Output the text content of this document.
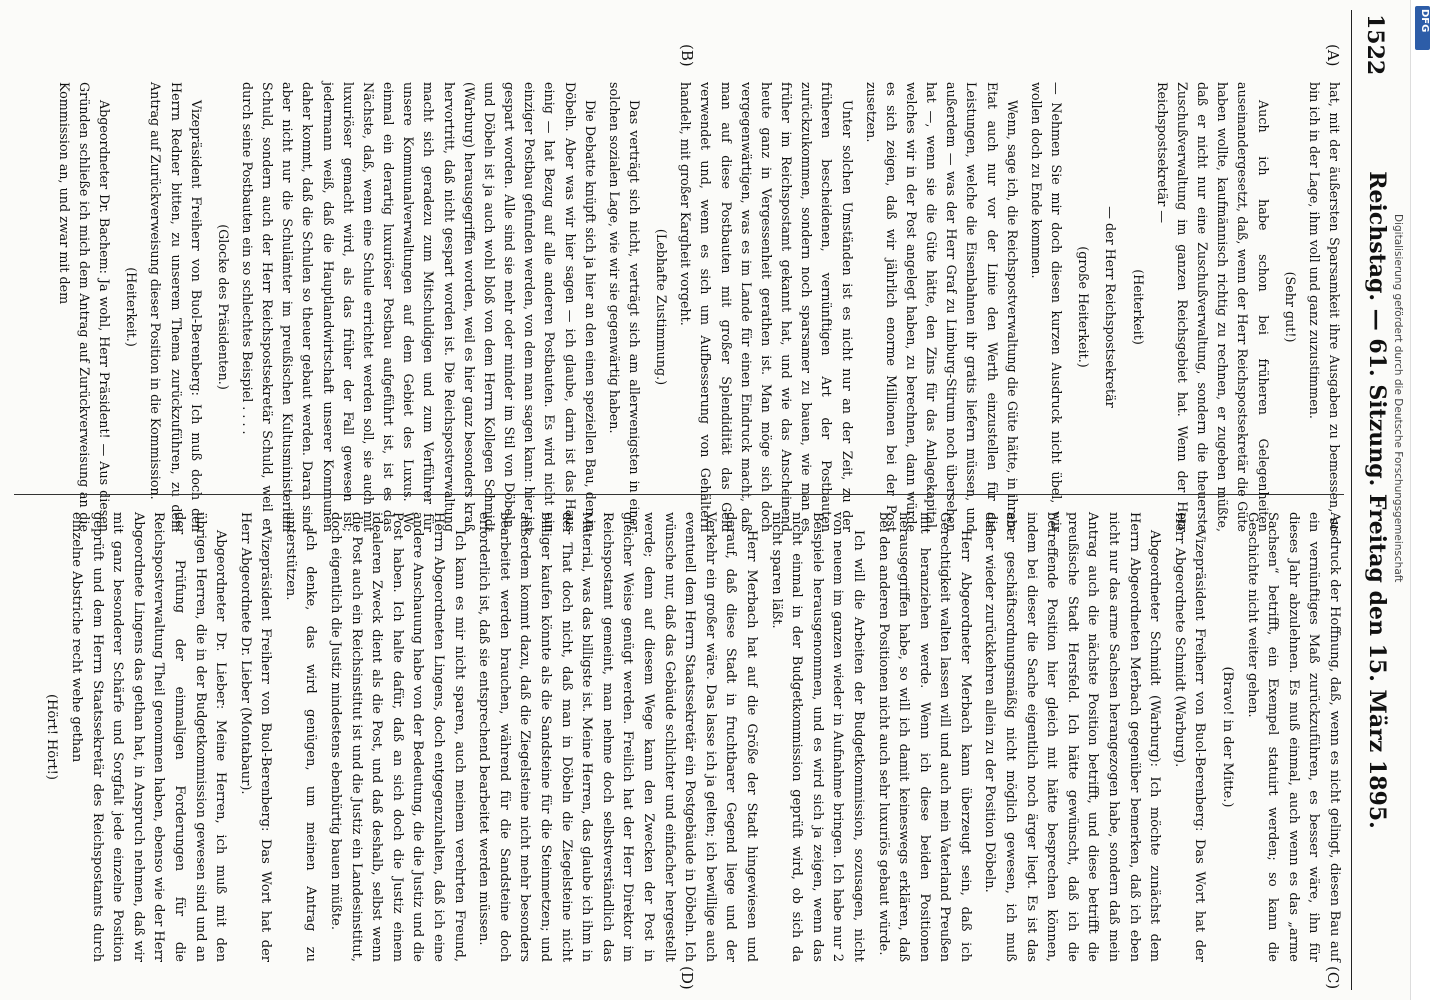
1522
Reichstag. — 61. Sitzung. Freitag den 15. März 1895.
(A)
(B)
(C)
(D)

hat, mit der äußersten Sparsamkeit ihre Ausgaben zu bemessen, so bin ich in der Lage, ihm voll und ganz zuzustimmen.

(Sehr gut!)

Auch ich habe schon bei früheren Gelegenheiten auseinandergesetzt, daß, wenn der Herr Reichspostsekretär die Güte haben wollte, kaufmännisch richtig zu rechnen, er zugeben müßte, daß er nicht nur eine Zuschußverwaltung, sondern die theuerste Zuschußverwaltung im ganzen Reichsgebiet hat. Wenn der Herr Reichspostsekretär —

(Heiterkeit)

— der Herr Reichspostsekretär

(große Heiterkeit.)

— Nehmen Sie mir doch diesen kurzen Ausdruck nicht übel, wir wollen doch zu Ende kommen.

Wenn, sage ich, die Reichspostverwaltung die Güte hätte, in ihrem Etat auch nur vor der Linie den Werth einzustellen für die Leistungen, welche die Eisenbahnen ihr gratis liefern müssen, und außerdem — was der Herr Graf zu Limburg-Stirum noch übersehen hat —, wenn sie die Güte hätte, den Zins für das Anlagekapital, welches wir in der Post angelegt haben, zu berechnen, dann würde es sich zeigen, daß wir jährlich enorme Millionen bei der Post zusetzen.

Unter solchen Umständen ist es nicht nur an der Zeit, zu der früheren bescheidenen, vernünftigen Art der Postbauten zurückzukommen, sondern noch sparsamer zu bauen, wie man es früher im Reichspostamt gekannt hat, und wie das Anscheinend heute ganz in Vergessenheit gerathen ist. Man möge sich doch vergegenwärtigen, was es im Lande für einen Eindruck macht, daß man auf diese Postbauten mit großer Splendidität das Geld verwendet und, wenn es sich um Aufbesserung von Gehältern handelt, mit großer Kargheit vorgeht.

(Lebhafte Zustimmung.)

Das verträgt sich nicht, verträgt sich am allerwenigsten in einer solchen sozialen Lage, wie wir sie gegenwärtig haben.

Die Debatte knüpft sich ja hier an den einen speziellen Bau, den in Döbeln. Aber was wir hier sagen — ich glaube, darin ist das Haus einig — hat Bezug auf alle anderen Postbauten. Es wird nicht ein einziger Postbau gefunden werden, von dem man sagen kann: hier ist gespart worden. Alle sind sie mehr oder minder im Stil von Döbeln, und Döbeln ist ja auch wohl bloß von dem Herrn Kollegen Schmidt (Warburg) herausgegriffen worden, weil es hier ganz besonders kraß hervortritt, daß nicht gespart worden ist. Die Reichspostverwaltung macht sich geradezu zum Mitschuldigen und zum Verführer für unsere Kommunalverwaltungen auf dem Gebiet des Luxus. Wo einmal ein derartig luxuriöser Postbau aufgeführt ist, ist es das Nächste, daß, wenn eine Schule errichtet werden soll, sie auch mit luxuriöser gemacht wird, als das früher der Fall gewesen ist; jedermann weiß, daß die Hauptlandwirtschaft unserer Kommunen daher kommt, daß die Schulen so theuer gebaut werden. Daran sind aber nicht nur die Schulämter im preußischen Kultusministerium Schuld, sondern auch der Herr Reichspostsekretär Schuld, weil er durch seine Postbauten ein so schlechtes Beispiel . . . .

(Glocke des Präsidenten.)

Vizepräsident Freiherr von Buol-Berenberg: Ich muß doch den Herrn Redner bitten, zu unserem Thema zurückzuführen, zu dem Antrag auf Zurückverweisung dieser Position in die Kommission.

(Heiterkeit.)

Abgeordneter Dr. Bachem: Ja wohl, Herr Präsident! — Aus diesen Gründen schließe ich mich dem Antrag auf Zurückverweisung an die Kommission an, und zwar mit dem

Ausdruck der Hoffnung, daß, wenn es nicht gelingt, diesen Bau auf ein vernünftiges Maß zurückzuführen, es besser wäre, ihn für dieses Jahr abzulehnen. Es muß einmal, auch wenn es das „arme Sachsen“ betrifft, ein Exempel statuirt werden; so kann die Geschichte nicht weiter gehen.

(Bravo! in der Mitte.)

Vizepräsident Freiherr von Buol-Berenberg: Das Wort hat der Herr Abgeordnete Schmidt (Warburg).

Abgeordneter Schmidt (Warburg): Ich möchte zunächst dem Herrn Abgeordneten Merbach gegenüber bemerken, daß ich eben nicht nur das arme Sachsen herangezogen habe, sondern daß mein Antrag auch die nächste Position betrifft, und diese betrifft die preußische Stadt Hersfeld. Ich hätte gewünscht, daß ich die betreffende Position hier gleich mit hätte besprechen können, indem bei dieser die Sache eigentlich noch ärger liegt. Es ist das aber geschäftsordnungsmäßig nicht möglich gewesen, ich muß daher wieder zurückkehren allein zu der Position Döbeln.

Herr Abgeordneter Merbach kann überzeugt sein, daß ich Gerechtigkeit walten lassen will und auch mein Vaterland Preußen mit heranziehen werde. Wenn ich diese beiden Positionen herausgegriffen habe, so will ich damit keineswegs erklären, daß bei den anderen Positionen nicht auch sehr luxuriös gebaut würde.

Ich will die Arbeiten der Budgetkommission, sozusagen, nicht von neuem im ganzen wieder in Aufnahme bringen. Ich habe nur 2 Beispiele herausgenommen, und es wird sich ja zeigen, wenn das nicht einmal in der Budgetkommission geprüft wird, ob sich da nicht sparen läßt.

Herr Merbach hat auf die Größe der Stadt hingewiesen und darauf, daß diese Stadt in fruchtbarer Gegend liege und der Verkehr ein großer wäre. Das lasse ich ja gelten; ich bewillige auch eventuell dem Herrn Staatssekretär ein Postgebäude in Döbeln. Ich wünsche nur, daß das Gebäude schlichter und einfacher hergestellt werde; denn auf diesem Wege kann den Zwecken der Post in gleicher Weise genügt werden. Freilich hat der Herr Direktor im Reichspostamt gemeint, man nehme doch selbstverständlich das Material, was das billigste ist. Meine Herren, das glaube ich ihm in der That doch nicht, daß man in Döbeln die Ziegelsteine nicht billiger kaufen könnte als die Sandsteine für die Steinmetzen; und außerdem kommt dazu, daß die Ziegelsteine nicht mehr besonders bearbeitet werden brauchen, während für die Sandsteine doch erforderlich ist, daß sie entsprechend bearbeitet werden müssen.

Ich kann es mir nicht sparen, auch meinem verehrten Freund, Herrn Abgeordneten Lingens, doch entgegenzuhalten, daß ich eine andere Anschauung habe von der Bedeutung, die die Justiz und die Post haben. Ich halte dafür, daß an sich doch die Justiz einem idealeren Zweck dient als die Post, und daß deshalb, selbst wenn die Post auch ein Reichsinstitut ist und die Justiz ein Landesinstitut, doch eigentlich die Justiz mindestens ebenbürtig bauen müßte.

Ich denke, das wird genügen, um meinen Antrag zu unterstützen.

Vizepräsident Freiherr von Buol-Berenberg: Das Wort hat der Herr Abgeordnete Dr. Lieber (Montabaur).

Abgeordneter Dr. Lieber: Meine Herren, ich muß mit den übrigen Herren, die in der Budgetkommission gewesen sind und an der Prüfung der einmaligen Forderungen für die Reichspostverwaltung Theil genommen haben, ebenso wie der Herr Abgeordnete Lingens das gethan hat, in Anspruch nehmen, daß wir mit ganz besonderer Schärfe und Sorgfalt jede einzelne Position geprüft und dem Herrn Staatssekretär des Reichspostamts durch einzelne Abstriche recht wehe gethan

(Hört! Hört!)

DFG
Digitalisierung gefördert durch die Deutsche Forschungsgemeinschaft
